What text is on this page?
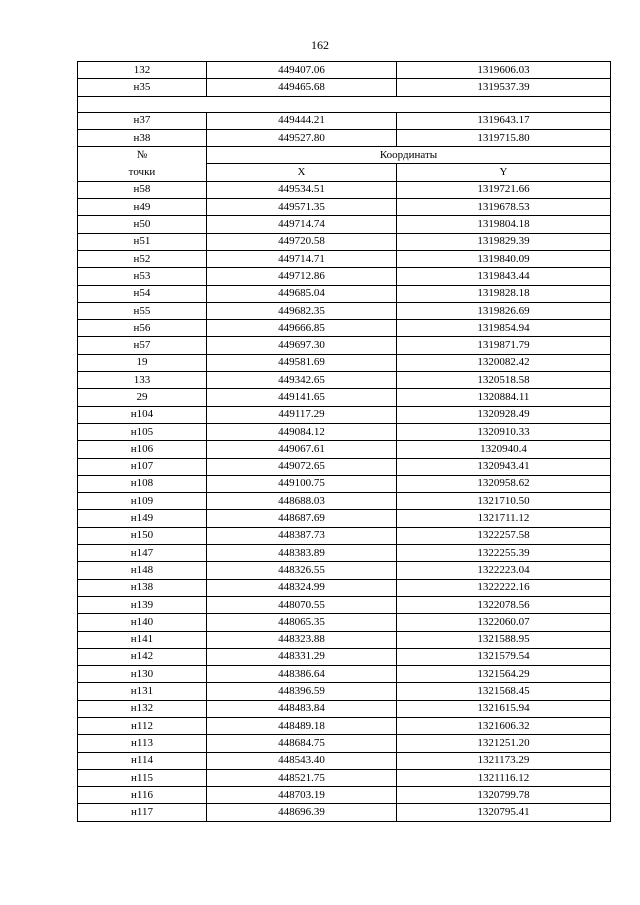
162
132	449407.06	1319606.03
н35	449465.68	1319537.39

н37	449444.21	1319643.17
н38	449527.80	1319715.80
№	Координаты	
точки	X	Y
н58	449534.51	1319721.66
н49	449571.35	1319678.53
н50	449714.74	1319804.18
н51	449720.58	1319829.39
н52	449714.71	1319840.09
н53	449712.86	1319843.44
н54	449685.04	1319828.18
н55	449682.35	1319826.69
н56	449666.85	1319854.94
н57	449697.30	1319871.79
19	449581.69	1320082.42
133	449342.65	1320518.58
29	449141.65	1320884.11
н104	449117.29	1320928.49
н105	449084.12	1320910.33
н106	449067.61	1320940.4
н107	449072.65	1320943.41
н108	449100.75	1320958.62
н109	448688.03	1321710.50
н149	448687.69	1321711.12
н150	448387.73	1322257.58
н147	448383.89	1322255.39
н148	448326.55	1322223.04
н138	448324.99	1322222.16
н139	448070.55	1322078.56
н140	448065.35	1322060.07
н141	448323.88	1321588.95
н142	448331.29	1321579.54
н130	448386.64	1321564.29
н131	448396.59	1321568.45
н132	448483.84	1321615.94
н112	448489.18	1321606.32
н113	448684.75	1321251.20
н114	448543.40	1321173.29
н115	448521.75	1321116.12
н116	448703.19	1320799.78
н117	448696.39	1320795.41
